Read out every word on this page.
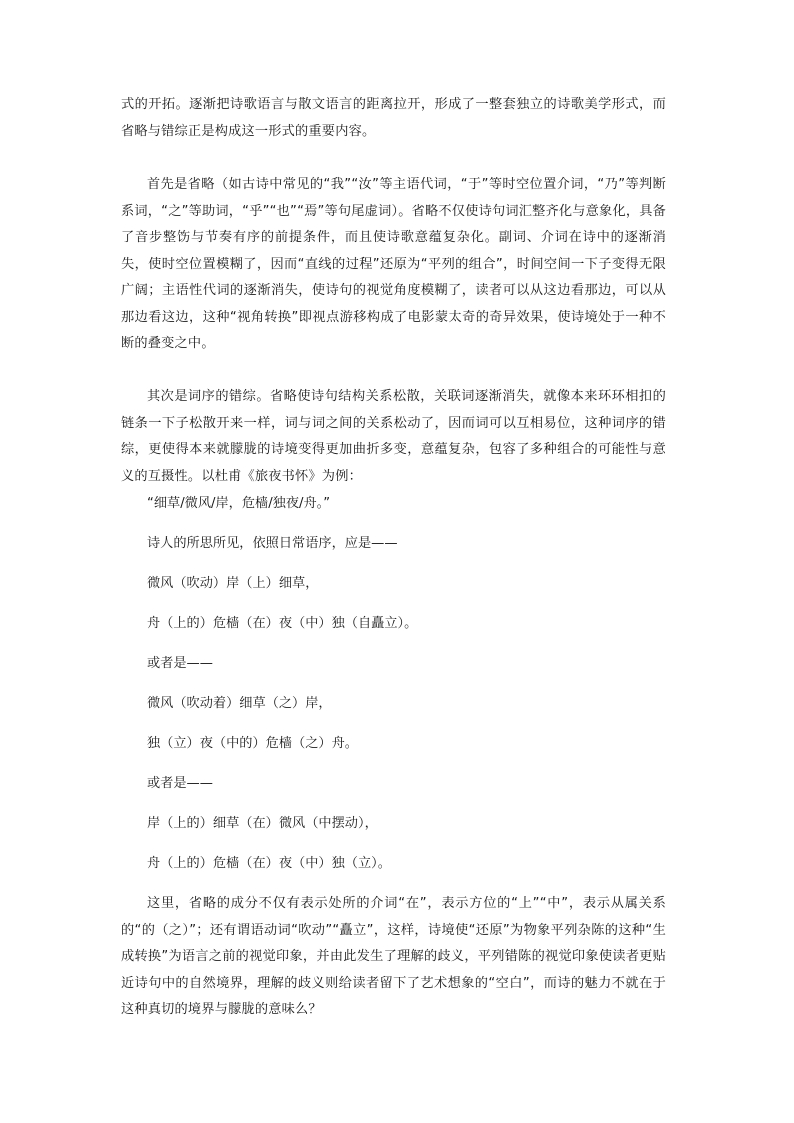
式的开拓。逐渐把诗歌语言与散文语言的距离拉开，形成了一整套独立的诗歌美学形式，而省略与错综正是构成这一形式的重要内容。

首先是省略（如古诗中常见的“我”“汝”等主语代词，“于”等时空位置介词，“乃”等判断系词，“之”等助词，“乎”“也”“焉”等句尾虚词）。省略不仅使诗句词汇整齐化与意象化，具备了音步整饬与节奏有序的前提条件，而且使诗歌意蕴复杂化。副词、介词在诗中的逐渐消失，使时空位置模糊了，因而“直线的过程”还原为“平列的组合”，时间空间一下子变得无限广阔；主语性代词的逐渐消失，使诗句的视觉角度模糊了，读者可以从这边看那边，可以从那边看这边，这种“视角转换”即视点游移构成了电影蒙太奇的奇异效果，使诗境处于一种不断的叠变之中。

其次是词序的错综。省略使诗句结构关系松散，关联词逐渐消失，就像本来环环相扣的链条一下子松散开来一样，词与词之间的关系松动了，因而词可以互相易位，这种词序的错综，更使得本来就朦胧的诗境变得更加曲折多变，意蕴复杂，包容了多种组合的可能性与意义的互摄性。以杜甫《旅夜书怀》为例：

“细草/微风/岸，危樯/独夜/舟。”

诗人的所思所见，依照日常语序，应是——

微风（吹动）岸（上）细草，

舟（上的）危樯（在）夜（中）独（自矗立）。

或者是——

微风（吹动着）细草（之）岸，

独（立）夜（中的）危樯（之）舟。

或者是——

岸（上的）细草（在）微风（中摆动），

舟（上的）危樯（在）夜（中）独（立）。

这里，省略的成分不仅有表示处所的介词“在”，表示方位的“上”“中”，表示从属关系的“的（之）”；还有谓语动词“吹动”“矗立”，这样，诗境使“还原”为物象平列杂陈的这种“生成转换”为语言之前的视觉印象，并由此发生了理解的歧义，平列错陈的视觉印象使读者更贴近诗句中的自然境界，理解的歧义则给读者留下了艺术想象的“空白”，而诗的魅力不就在于这种真切的境界与朦胧的意味么？
